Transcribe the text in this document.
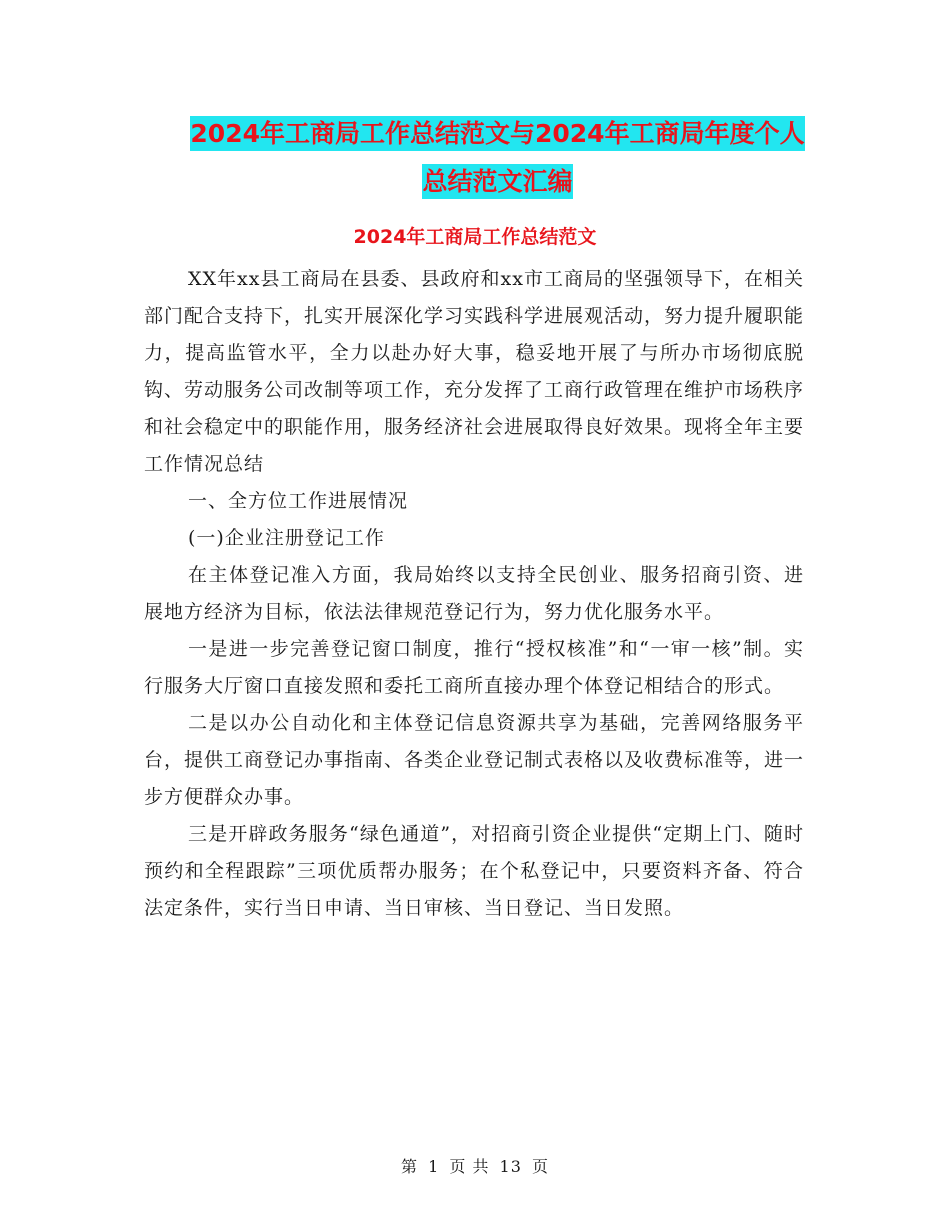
2024年工商局工作总结范文与2024年工商局年度个人
总结范文汇编
2024年工商局工作总结范文

XX年xx县工商局在县委、县政府和xx市工商局的坚强领导下，在相关部门配合支持下，扎实开展深化学习实践科学进展观活动，努力提升履职能力，提高监管水平，全力以赴办好大事，稳妥地开展了与所办市场彻底脱钩、劳动服务公司改制等项工作，充分发挥了工商行政管理在维护市场秩序和社会稳定中的职能作用，服务经济社会进展取得良好效果。现将全年主要工作情况总结

一、全方位工作进展情况

(一)企业注册登记工作

在主体登记准入方面，我局始终以支持全民创业、服务招商引资、进展地方经济为目标，依法法律规范登记行为，努力优化服务水平。

一是进一步完善登记窗口制度，推行“授权核准”和“一审一核”制。实行服务大厅窗口直接发照和委托工商所直接办理个体登记相结合的形式。

二是以办公自动化和主体登记信息资源共享为基础，完善网络服务平台，提供工商登记办事指南、各类企业登记制式表格以及收费标准等，进一步方便群众办事。

三是开辟政务服务“绿色通道”，对招商引资企业提供“定期上门、随时预约和全程跟踪”三项优质帮办服务；在个私登记中，只要资料齐备、符合法定条件，实行当日申请、当日审核、当日登记、当日发照。

第 1 页 共 13 页
